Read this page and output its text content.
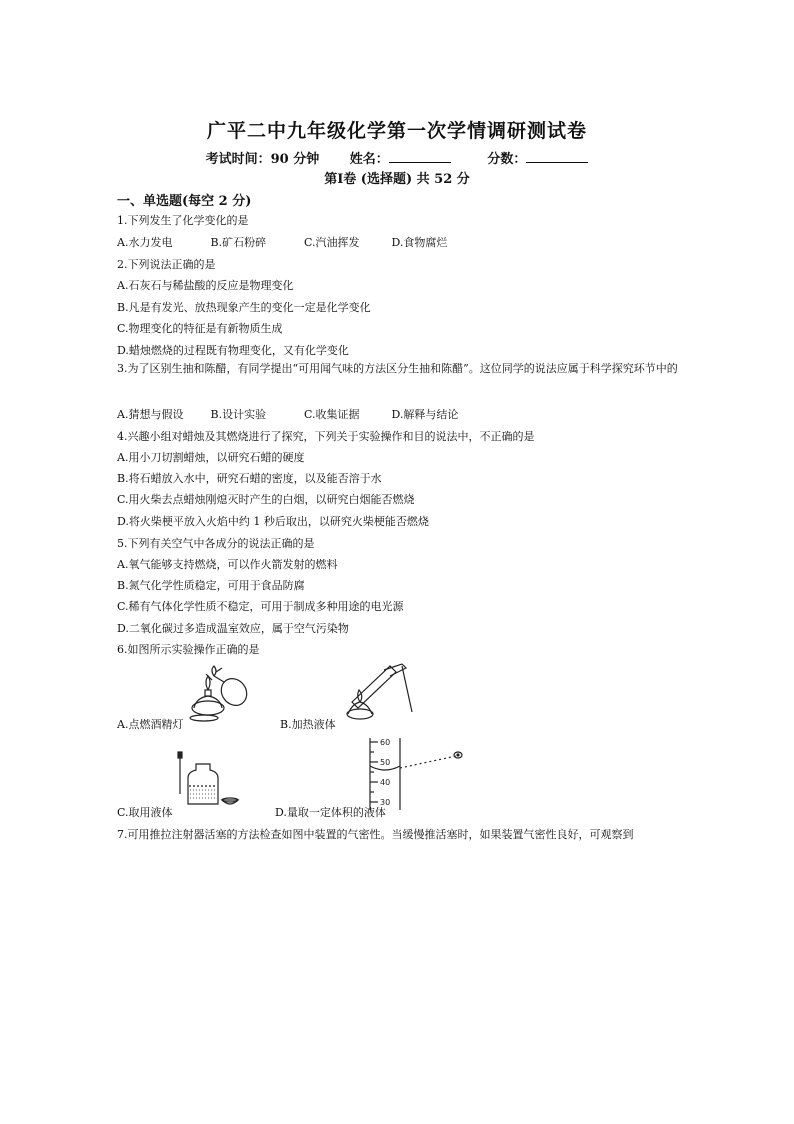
广平二中九年级化学第一次学情调研测试卷
考试时间：90 分钟 姓名：	分数：
第Ⅰ卷 (选择题) 共 52 分
一、单选题(每空 2 分)
1.下列发生了化学变化的是
A.水力发电	B.矿石粉碎	C.汽油挥发	D.食物腐烂
2.下列说法正确的是
A.石灰石与稀盐酸的反应是物理变化
B.凡是有发光、放热现象产生的变化一定是化学变化
C.物理变化的特征是有新物质生成
D.蜡烛燃烧的过程既有物理变化，又有化学变化
3.为了区别生抽和陈醋，有同学提出“可用闻气味的方法区分生抽和陈醋”。这位同学的说法应属于科学探究环节中的
A.猜想与假设 B.设计实验	C.收集证据	D.解释与结论
4.兴趣小组对蜡烛及其燃烧进行了探究，下列关于实验操作和目的说法中，不正确的是
A.用小刀切割蜡烛，以研究石蜡的硬度
B.将石蜡放入水中，研究石蜡的密度，以及能否溶于水
C.用火柴去点蜡烛刚熄灭时产生的白烟，以研究白烟能否燃烧
D.将火柴梗平放入火焰中约 1 秒后取出，以研究火柴梗能否燃烧
5.下列有关空气中各成分的说法正确的是
A.氧气能够支持燃烧，可以作火箭发射的燃料
B.氮气化学性质稳定，可用于食品防腐
C.稀有气体化学性质不稳定，可用于制成多种用途的电光源
D.二氧化碳过多造成温室效应，属于空气污染物
6.如图所示实验操作正确的是
A.点燃酒精灯	B.加热液体
C.取用液体
60
50
40
30
D.量取一定体积的液体
7.可用推拉注射器活塞的方法检查如图中装置的气密性。当缓慢推活塞时，如果装置气密性良好，可观察到
